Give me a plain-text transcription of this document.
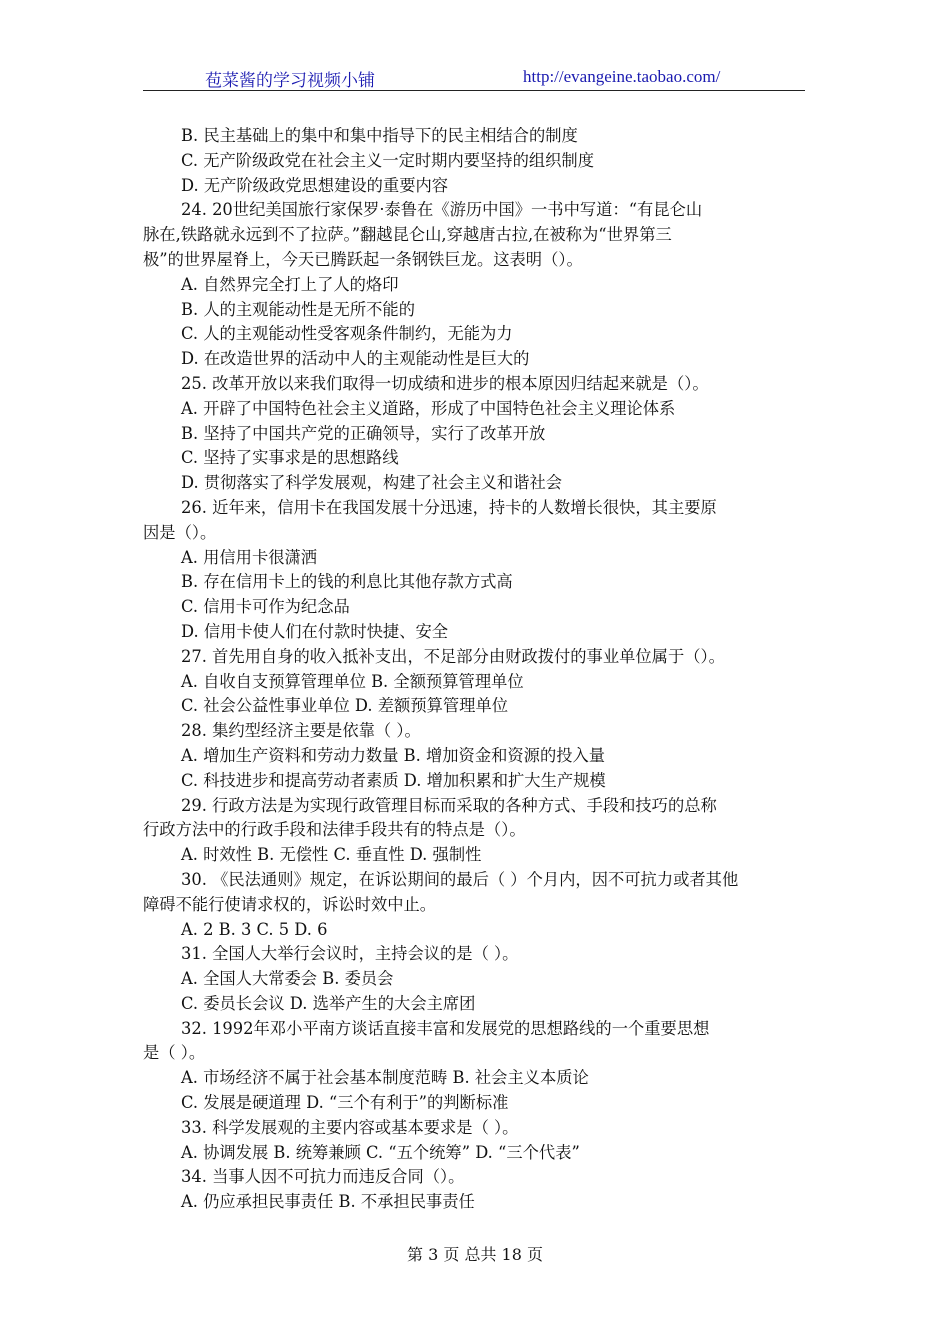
苞菜酱的学习视频小铺	http://evangeine.taobao.com/
B. 民主基础上的集中和集中指导下的民主相结合的制度
C. 无产阶级政党在社会主义一定时期内要坚持的组织制度
D. 无产阶级政党思想建设的重要内容
24. 20世纪美国旅行家保罗·泰鲁在《游历中国》一书中写道：“有昆仑山
脉在,铁路就永远到不了拉萨。”翻越昆仑山,穿越唐古拉,在被称为“世界第三
极”的世界屋脊上，今天已腾跃起一条钢铁巨龙。这表明（）。
A. 自然界完全打上了人的烙印
B. 人的主观能动性是无所不能的
C. 人的主观能动性受客观条件制约，无能为力
D. 在改造世界的活动中人的主观能动性是巨大的
25. 改革开放以来我们取得一切成绩和进步的根本原因归结起来就是（）。
A. 开辟了中国特色社会主义道路，形成了中国特色社会主义理论体系
B. 坚持了中国共产党的正确领导，实行了改革开放
C. 坚持了实事求是的思想路线
D. 贯彻落实了科学发展观，构建了社会主义和谐社会
26. 近年来，信用卡在我国发展十分迅速，持卡的人数增长很快，其主要原
因是（）。
A. 用信用卡很潇洒
B. 存在信用卡上的钱的利息比其他存款方式高
C. 信用卡可作为纪念品
D. 信用卡使人们在付款时快捷、安全
27. 首先用自身的收入抵补支出，不足部分由财政拨付的事业单位属于（）。
A. 自收自支预算管理单位 B. 全额预算管理单位
C. 社会公益性事业单位 D. 差额预算管理单位
28. 集约型经济主要是依靠（ ）。
A. 增加生产资料和劳动力数量 B. 增加资金和资源的投入量
C. 科技进步和提高劳动者素质 D. 增加积累和扩大生产规模
29. 行政方法是为实现行政管理目标而采取的各种方式、手段和技巧的总称
行政方法中的行政手段和法律手段共有的特点是（）。
A. 时效性 B. 无偿性 C. 垂直性 D. 强制性
30. 《民法通则》规定，在诉讼期间的最后（ ）个月内，因不可抗力或者其他
障碍不能行使请求权的，诉讼时效中止。
A. 2 B. 3 C. 5 D. 6
31. 全国人大举行会议时，主持会议的是（ ）。
A. 全国人大常委会 B. 委员会
C. 委员长会议 D. 选举产生的大会主席团
32. 1992年邓小平南方谈话直接丰富和发展党的思想路线的一个重要思想
是（ ）。
A. 市场经济不属于社会基本制度范畴 B. 社会主义本质论
C. 发展是硬道理 D. “三个有利于”的判断标准
33. 科学发展观的主要内容或基本要求是（ ）。
A. 协调发展 B. 统筹兼顾 C. “五个统筹” D. “三个代表”
34. 当事人因不可抗力而违反合同（）。
A. 仍应承担民事责任 B. 不承担民事责任
第 3 页 总共 18 页
